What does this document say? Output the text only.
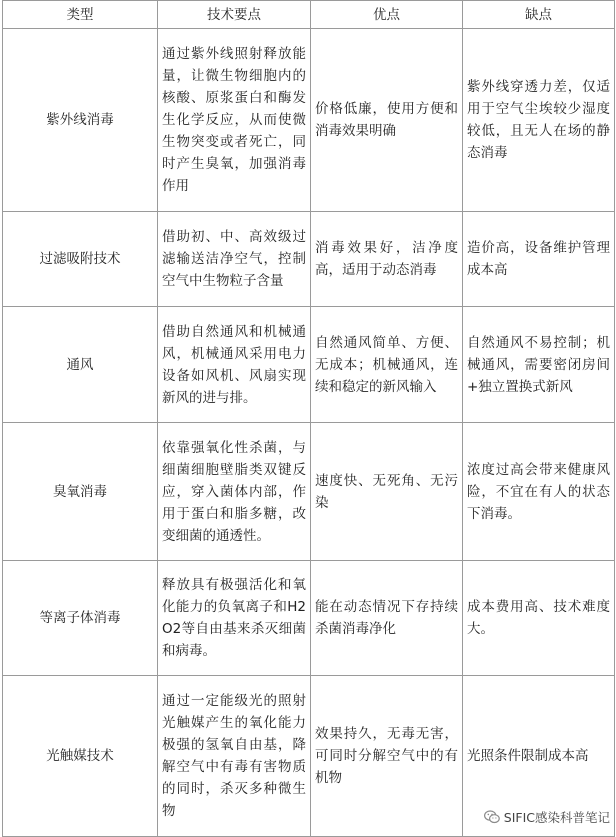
类型	技术要点	优点	缺点
紫外线消毒	通过紫外线照射释放能量，让微生物细胞内的核酸、原浆蛋白和酶发生化学反应，从而使微生物突变或者死亡，同时产生臭氧，加强消毒作用	价格低廉，使用方便和消毒效果明确	紫外线穿透力差，仅适用于空气尘埃较少湿度较低，且无人在场的静态消毒
过滤吸附技术	借助初、中、高效级过滤输送洁净空气，控制空气中生物粒子含量	消毒效果好，洁净度高，适用于动态消毒	造价高，设备维护管理成本高
通风	借助自然通风和机械通风，机械通风采用电力设备如风机、风扇实现新风的进与排。	自然通风简单、方便、无成本；机械通风，连续和稳定的新风输入	自然通风不易控制；机械通风，需要密闭房间+独立置换式新风
臭氧消毒	依靠强氧化性杀菌，与细菌细胞壁脂类双键反应，穿入菌体内部，作用于蛋白和脂多糖，改变细菌的通透性。	速度快、无死角、无污染	浓度过高会带来健康风险，不宜在有人的状态下消毒。
等离子体消毒	释放具有极强活化和氧化能力的负氧离子和H2O2等自由基来杀灭细菌和病毒。	能在动态情况下存持续杀菌消毒净化	成本费用高、技术难度大。
光触媒技术	通过一定能级光的照射光触媒产生的氧化能力极强的氢氧自由基，降解空气中有毒有害物质的同时，杀灭多种微生物	效果持久，无毒无害，可同时分解空气中的有机物	光照条件限制成本高
SIFIC感染科普笔记
